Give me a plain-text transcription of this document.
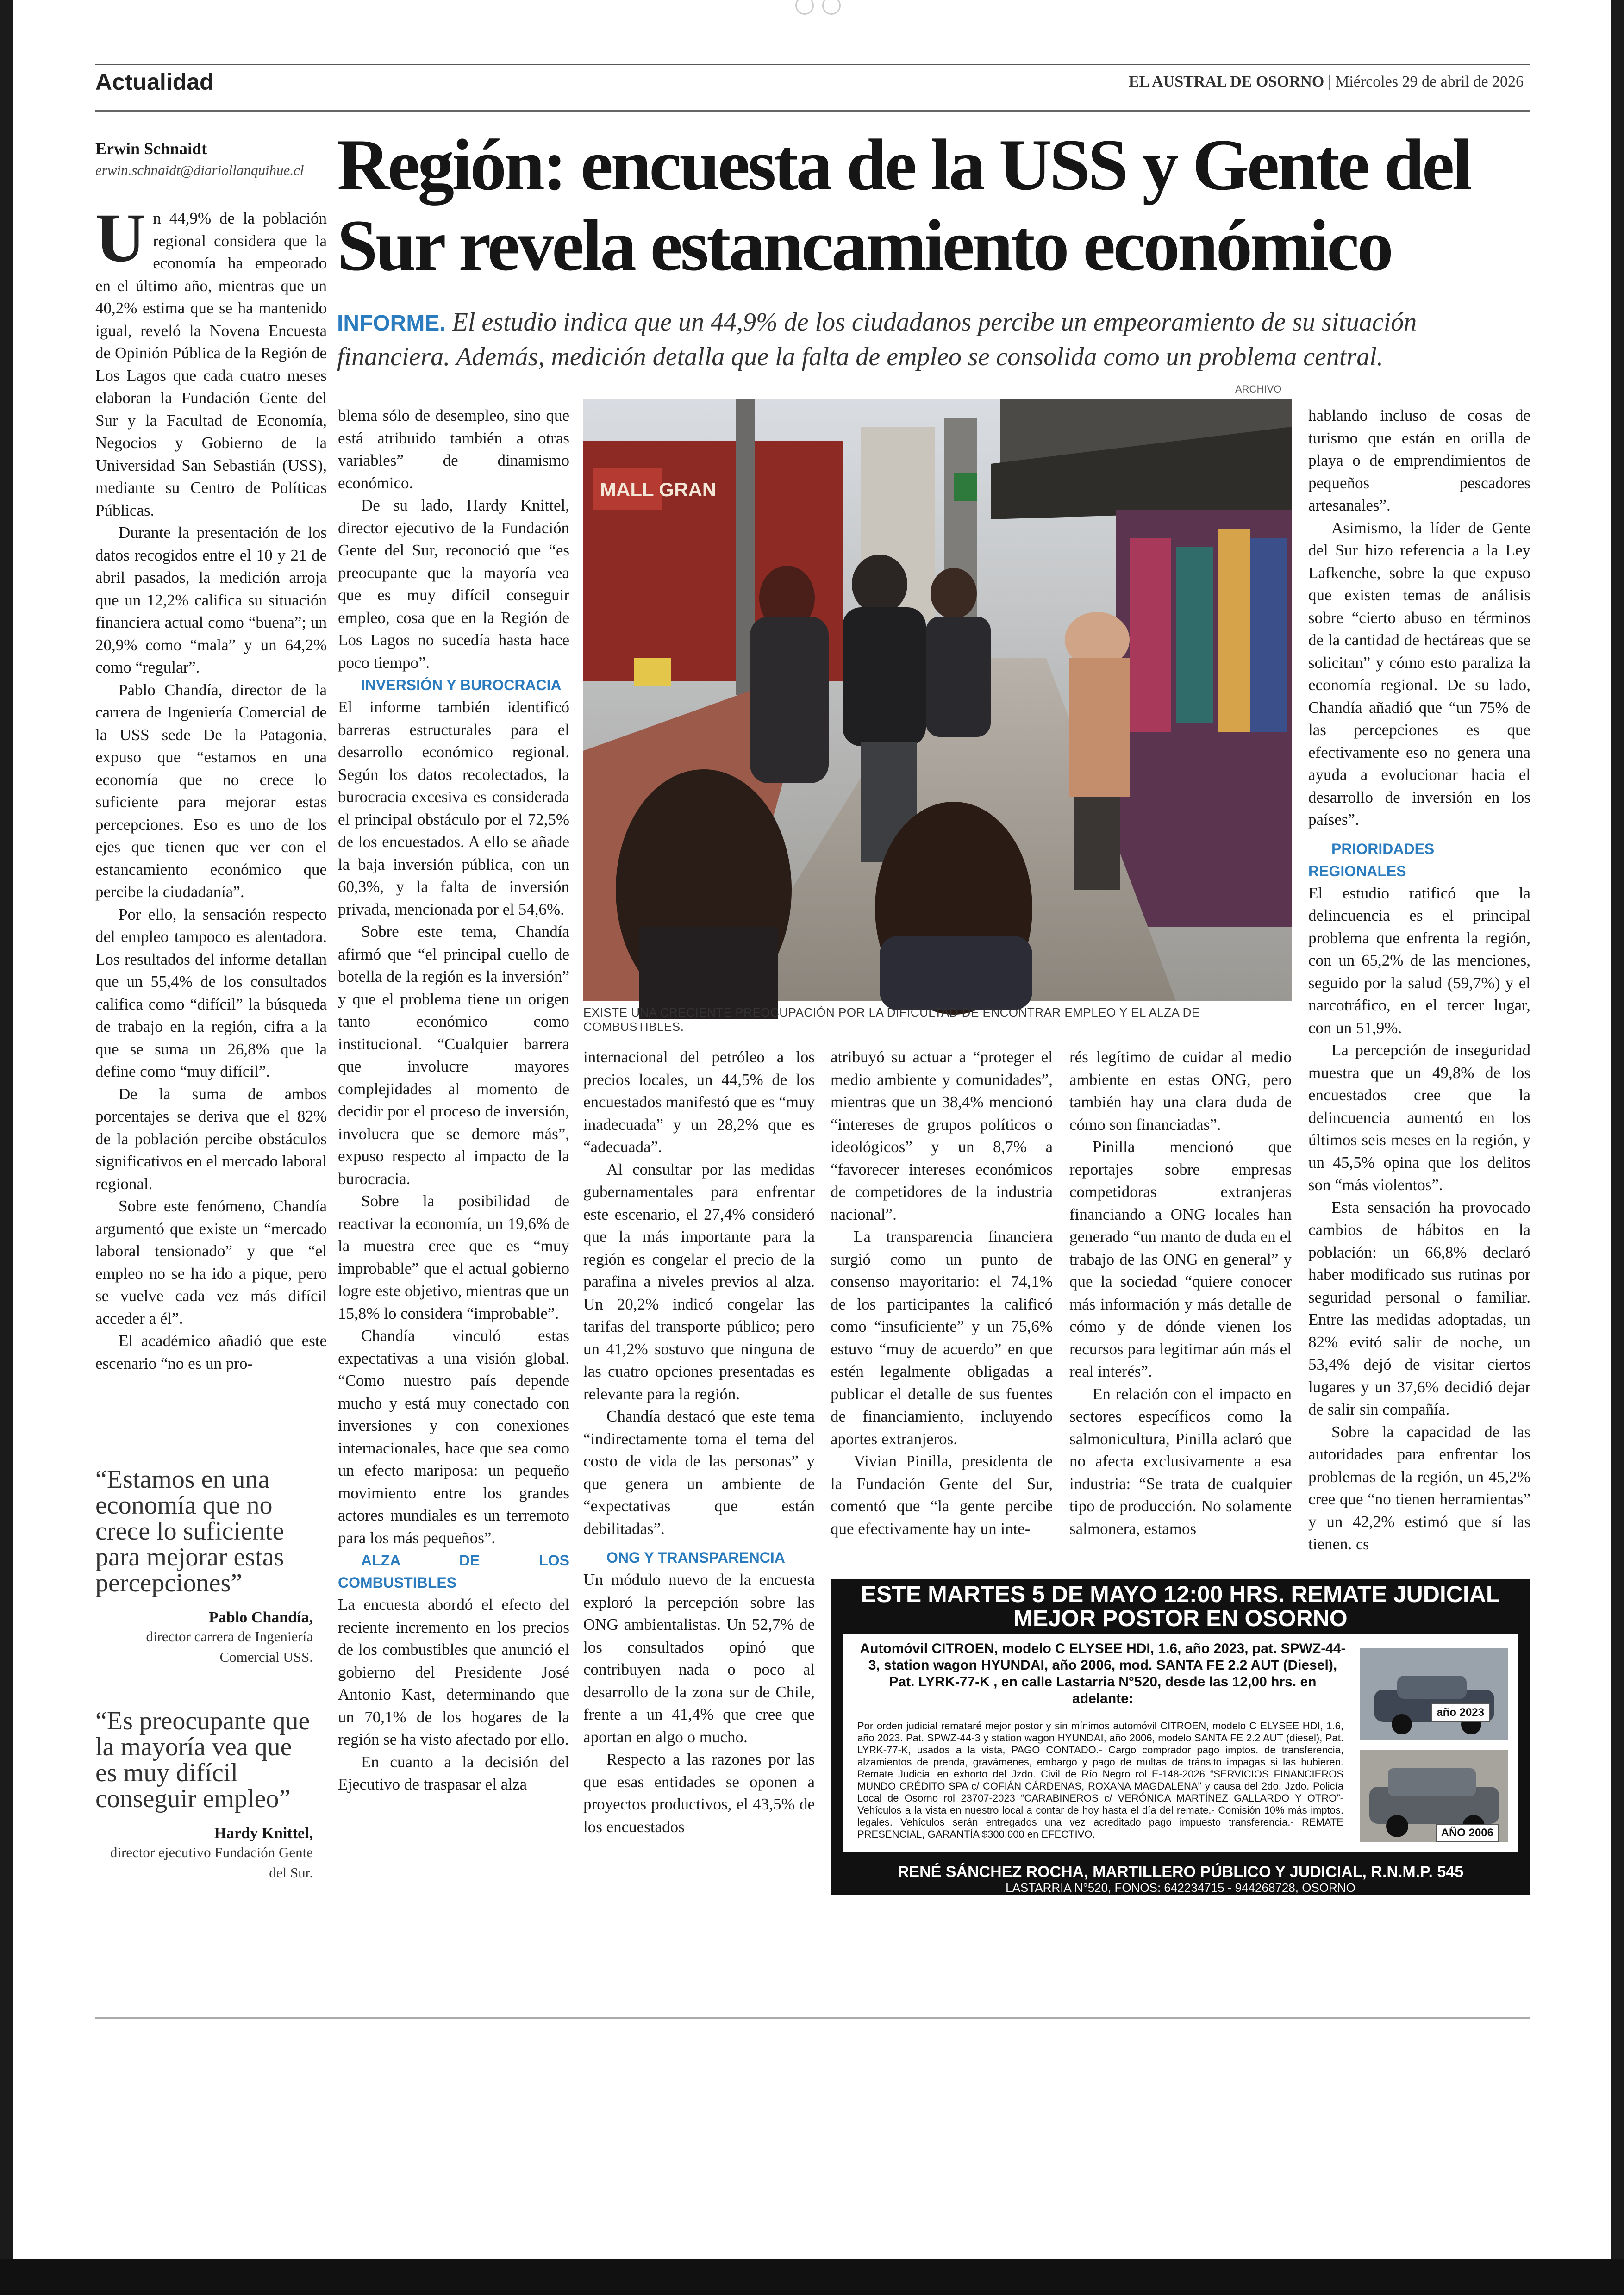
Actualidad	EL AUSTRAL DE OSORNO | Miércoles 29 de abril de 2026
Erwin Schnaidt
erwin.schnaidt@diariollanquihue.cl Región: encuesta de la USS y Gente del Sur revela estancamiento económico
INFORME. El estudio indica que un 44,9% de los ciudadanos percibe un empeoramiento de su situación financiera. Además, medición detalla que la falta de empleo se consolida como un problema central.

Un 44,9% de la población regional considera que la economía ha empeorado en el último año, mientras que un 40,2% estima que se ha mantenido igual, reveló la Novena Encuesta de Opinión Pública de la Región de Los Lagos que cada cuatro meses elaboran la Fundación Gente del Sur y la Facultad de Economía, Negocios y Gobierno de la Universidad San Sebastián (USS), mediante su Centro de Políticas Públicas.

Durante la presentación de los datos recogidos entre el 10 y 21 de abril pasados, la medición arroja que un 12,2% califica su situación financiera actual como “buena”; un 20,9% como “mala” y un 64,2% como “regular”.

Pablo Chandía, director de la carrera de Ingeniería Comercial de la USS sede De la Patagonia, expuso que “estamos en una economía que no crece lo suficiente para mejorar estas percepciones. Eso es uno de los ejes que tienen que ver con el estancamiento económico que percibe la ciudadanía”.

Por ello, la sensación respecto del empleo tampoco es alentadora. Los resultados del informe detallan que un 55,4% de los consultados califica como “difícil” la búsqueda de trabajo en la región, cifra a la que se suma un 26,8% que la define como “muy difícil”.

De la suma de ambos porcentajes se deriva que el 82% de la población percibe obstáculos significativos en el mercado laboral regional.

Sobre este fenómeno, Chandía argumentó que existe un “mercado laboral tensionado” y que “el empleo no se ha ido a pique, pero se vuelve cada vez más difícil acceder a él”.

El académico añadió que este escenario “no es un pro-

“Estamos en una economía que no crece lo suficiente para mejorar estas percepciones”
Pablo Chandía,
director carrera de Ingeniería Comercial USS.
“Es preocupante que la mayoría vea que es muy difícil conseguir empleo”
Hardy Knittel,
director ejecutivo Fundación Gente del Sur.

blema sólo de desempleo, sino que está atribuido también a otras variables” de dinamismo económico.

De su lado, Hardy Knittel, director ejecutivo de la Fundación Gente del Sur, reconoció que “es preocupante que la mayoría vea que es muy difícil conseguir empleo, cosa que en la Región de Los Lagos no sucedía hasta hace poco tiempo”.

INVERSIÓN Y BUROCRACIA

El informe también identificó barreras estructurales para el desarrollo económico regional. Según los datos recolectados, la burocracia excesiva es considerada el principal obstáculo por el 72,5% de los encuestados. A ello se añade la baja inversión pública, con un 60,3%, y la falta de inversión privada, mencionada por el 54,6%.

Sobre este tema, Chandía afirmó que “el principal cuello de botella de la región es la inversión” y que el problema tiene un origen tanto económico como institucional. “Cualquier barrera que involucre mayores complejidades al momento de decidir por el proceso de inversión, involucra que se demore más”, expuso respecto al impacto de la burocracia.

Sobre la posibilidad de reactivar la economía, un 19,6% de la muestra cree que es “muy improbable” que el actual gobierno logre este objetivo, mientras que un 15,8% lo considera “improbable”.

Chandía vinculó estas expectativas a una visión global. “Como nuestro país depende mucho y está muy conectado con inversiones y con conexiones internacionales, hace que sea como un efecto mariposa: un pequeño movimiento entre los grandes actores mundiales es un terremoto para los más pequeños”.

ALZA DE LOS COMBUSTIBLES

La encuesta abordó el efecto del reciente incremento en los precios de los combustibles que anunció el gobierno del Presidente José Antonio Kast, determinando que un 70,1% de los hogares de la región se ha visto afectado por ello.

En cuanto a la decisión del Ejecutivo de traspasar el alza

ARCHIVO
MALL GRAN
EXISTE UNA CRECIENTE PREOCUPACIÓN POR LA DIFICULTAD DE ENCONTRAR EMPLEO Y EL ALZA DE COMBUSTIBLES.

internacional del petróleo a los precios locales, un 44,5% de los encuestados manifestó que es “muy inadecuada” y un 28,2% que es “adecuada”.

Al consultar por las medidas gubernamentales para enfrentar este escenario, el 27,4% consideró que la más importante para la región es congelar el precio de la parafina a niveles previos al alza. Un 20,2% indicó congelar las tarifas del transporte público; pero un 41,2% sostuvo que ninguna de las cuatro opciones presentadas es relevante para la región.

Chandía destacó que este tema “indirectamente toma el tema del costo de vida de las personas” y que genera un ambiente de “expectativas que están debilitadas”.

ONG Y TRANSPARENCIA

Un módulo nuevo de la encuesta exploró la percepción sobre las ONG ambientalistas. Un 52,7% de los consultados opinó que contribuyen nada o poco al desarrollo de la zona sur de Chile, frente a un 41,4% que cree que aportan en algo o mucho.

Respecto a las razones por las que esas entidades se oponen a proyectos productivos, el 43,5% de los encuestados

atribuyó su actuar a “proteger el medio ambiente y comunidades”, mientras que un 38,4% mencionó “intereses de grupos políticos o ideológicos” y un 8,7% a “favorecer intereses económicos de competidores de la industria nacional”.

La transparencia financiera surgió como un punto de consenso mayoritario: el 74,1% de los participantes la calificó como “insuficiente” y un 75,6% estuvo “muy de acuerdo” en que estén legalmente obligadas a publicar el detalle de sus fuentes de financiamiento, incluyendo aportes extranjeros.

Vivian Pinilla, presidenta de la Fundación Gente del Sur, comentó que “la gente percibe que efectivamente hay un inte-

rés legítimo de cuidar al medio ambiente en estas ONG, pero también hay una clara duda de cómo son financiadas”.

Pinilla mencionó que reportajes sobre empresas competidoras extranjeras financiando a ONG locales han generado “un manto de duda en el trabajo de las ONG en general” y que la sociedad “quiere conocer más información y más detalle de cómo y de dónde vienen los recursos para legitimar aún más el real interés”.

En relación con el impacto en sectores específicos como la salmonicultura, Pinilla aclaró que no afecta exclusivamente a esa industria: “Se trata de cualquier tipo de producción. No solamente salmonera, estamos

hablando incluso de cosas de turismo que están en orilla de playa o de emprendimientos de pequeños pescadores artesanales”.

Asimismo, la líder de Gente del Sur hizo referencia a la Ley Lafkenche, sobre la que expuso que existen temas de análisis sobre “cierto abuso en términos de la cantidad de hectáreas que se solicitan” y cómo esto paraliza la economía regional. De su lado, Chandía añadió que “un 75% de las percepciones es que efectivamente eso no genera una ayuda a evolucionar hacia el desarrollo de inversión en los países”.

PRIORIDADES REGIONALES

El estudio ratificó que la delincuencia es el principal problema que enfrenta la región, con un 65,2% de las menciones, seguido por la salud (59,7%) y el narcotráfico, en el tercer lugar, con un 51,9%.

La percepción de inseguridad muestra que un 49,8% de los encuestados cree que la delincuencia aumentó en los últimos seis meses en la región, y un 45,5% opina que los delitos son “más violentos”.

Esta sensación ha provocado cambios de hábitos en la población: un 66,8% declaró haber modificado sus rutinas por seguridad personal o familiar. Entre las medidas adoptadas, un 82% evitó salir de noche, un 53,4% dejó de visitar ciertos lugares y un 37,6% decidió dejar de salir sin compañía.

Sobre la capacidad de las autoridades para enfrentar los problemas de la región, un 45,2% cree que “no tienen herramientas” y un 42,2% estimó que sí las tienen. cs

ESTE MARTES 5 DE MAYO 12:00 HRS. REMATE JUDICIAL MEJOR POSTOR EN OSORNO
Automóvil CITROEN, modelo C ELYSEE HDI, 1.6, año 2023, pat. SPWZ-44-3, station wagon HYUNDAI, año 2006, mod. SANTA FE 2.2 AUT (Diesel), Pat. LYRK-77-K , en calle Lastarria N°520, desde las 12,00 hrs. en adelante:
Por orden judicial remataré mejor postor y sin mínimos automóvil CITROEN, modelo C ELYSEE HDI, 1.6, año 2023. Pat. SPWZ-44-3 y station wagon HYUNDAI, año 2006, modelo SANTA FE 2.2 AUT (diesel), Pat. LYRK-77-K, usados a la vista, PAGO CONTADO.- Cargo comprador pago imptos. de transferencia, alzamientos de prenda, gravámenes, embargo y pago de multas de tránsito impagas si las hubieren. Remate Judicial en exhorto del Jzdo. Civil de Río Negro rol E-148-2026 “SERVICIOS FINANCIEROS MUNDO CRÉDITO SPA c/ COFIÁN CÁRDENAS, ROXANA MAGDALENA” y causa del 2do. Jzdo. Policía Local de Osorno rol 23707-2023 “CARABINEROS c/ VERÓNICA MARTÍNEZ GALLARDO Y OTRO”- Vehículos a la vista en nuestro local a contar de hoy hasta el día del remate.- Comisión 10% más imptos. legales. Vehículos serán entregados una vez acreditado pago impuesto transferencia.- REMATE PRESENCIAL, GARANTÍA $300.000 en EFECTIVO.
año 2023
AÑO 2006
RENÉ SÁNCHEZ ROCHA, MARTILLERO PÚBLICO Y JUDICIAL, R.N.M.P. 545
LASTARRIA N°520, FONOS: 642234715 - 944268728, OSORNO
